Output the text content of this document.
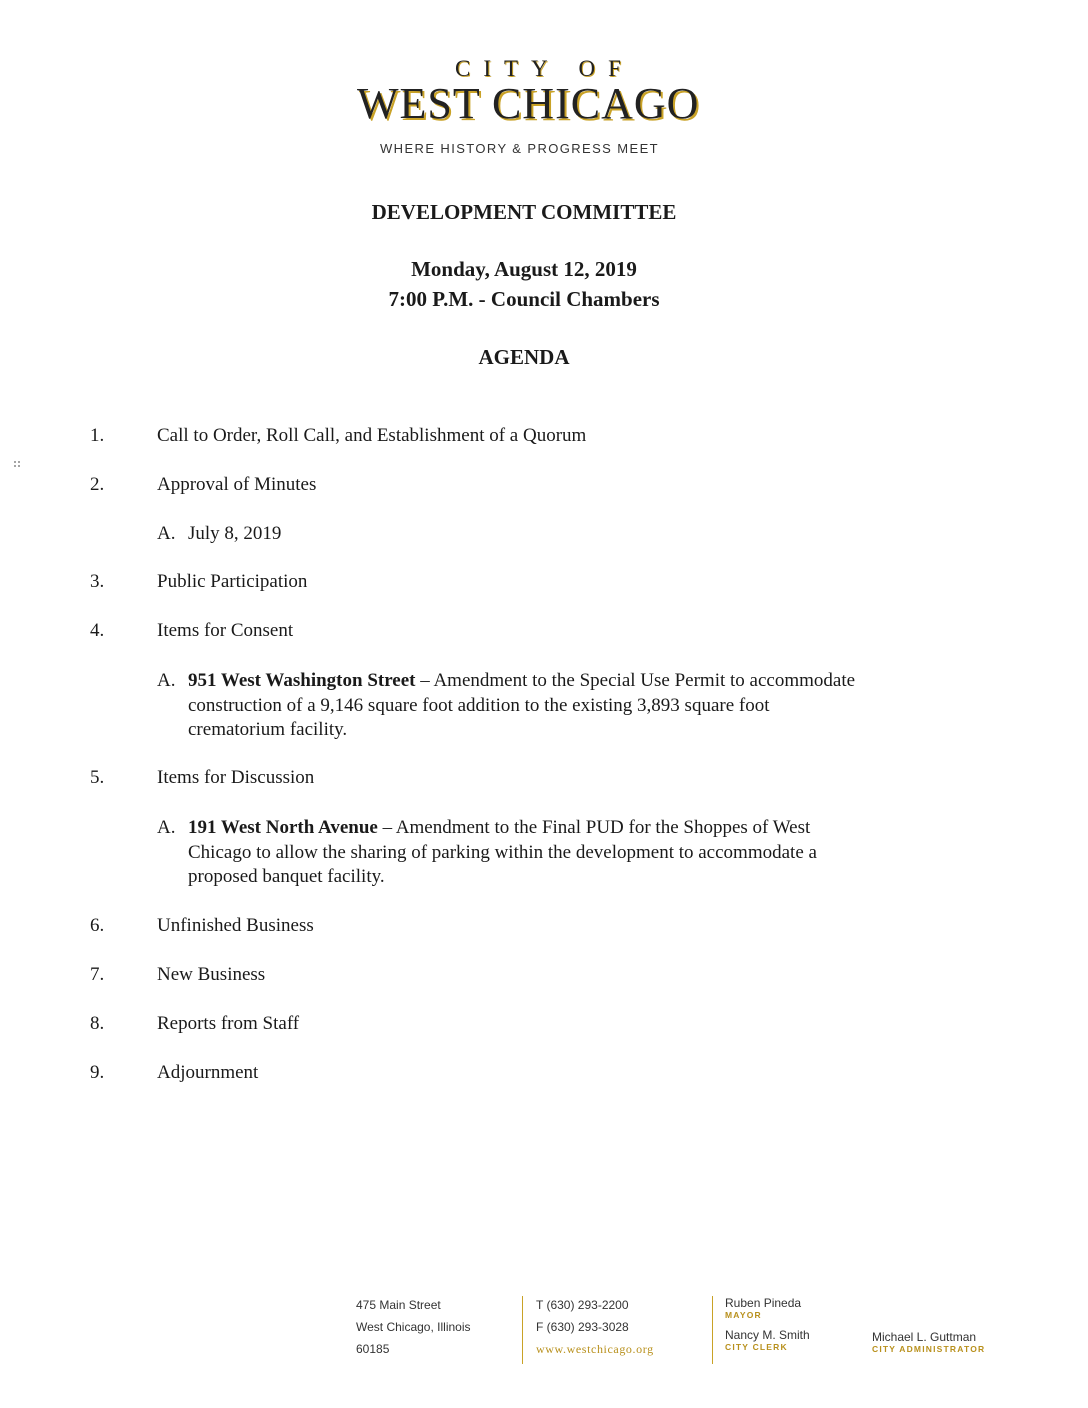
CITY OF
WEST CHICAGO
WHERE HISTORY & PROGRESS MEET
DEVELOPMENT COMMITTEE
Monday, August 12, 2019
7:00 P.M. - Council Chambers
AGENDA
1.	Call to Order, Roll Call, and Establishment of a Quorum
2.	Approval of Minutes
A. July 8, 2019
3.	Public Participation
4.	Items for Consent
A. 951 West Washington Street – Amendment to the Special Use Permit to accommodate
construction of a 9,146 square foot addition to the existing 3,893 square foot
crematorium facility.
5.	Items for Discussion
A. 191 West North Avenue – Amendment to the Final PUD for the Shoppes of West
Chicago to allow the sharing of parking within the development to accommodate a
proposed banquet facility.
6.	Unfinished Business
7.	New Business
8.	Reports from Staff
9.	Adjournment
475 Main Street
West Chicago, Illinois
60185
T (630) 293-2200
F (630) 293-3028
www.westchicago.org
Ruben Pineda
MAYOR
Nancy M. Smith
CITY CLERK
Michael L. Guttman
CITY ADMINISTRATOR
